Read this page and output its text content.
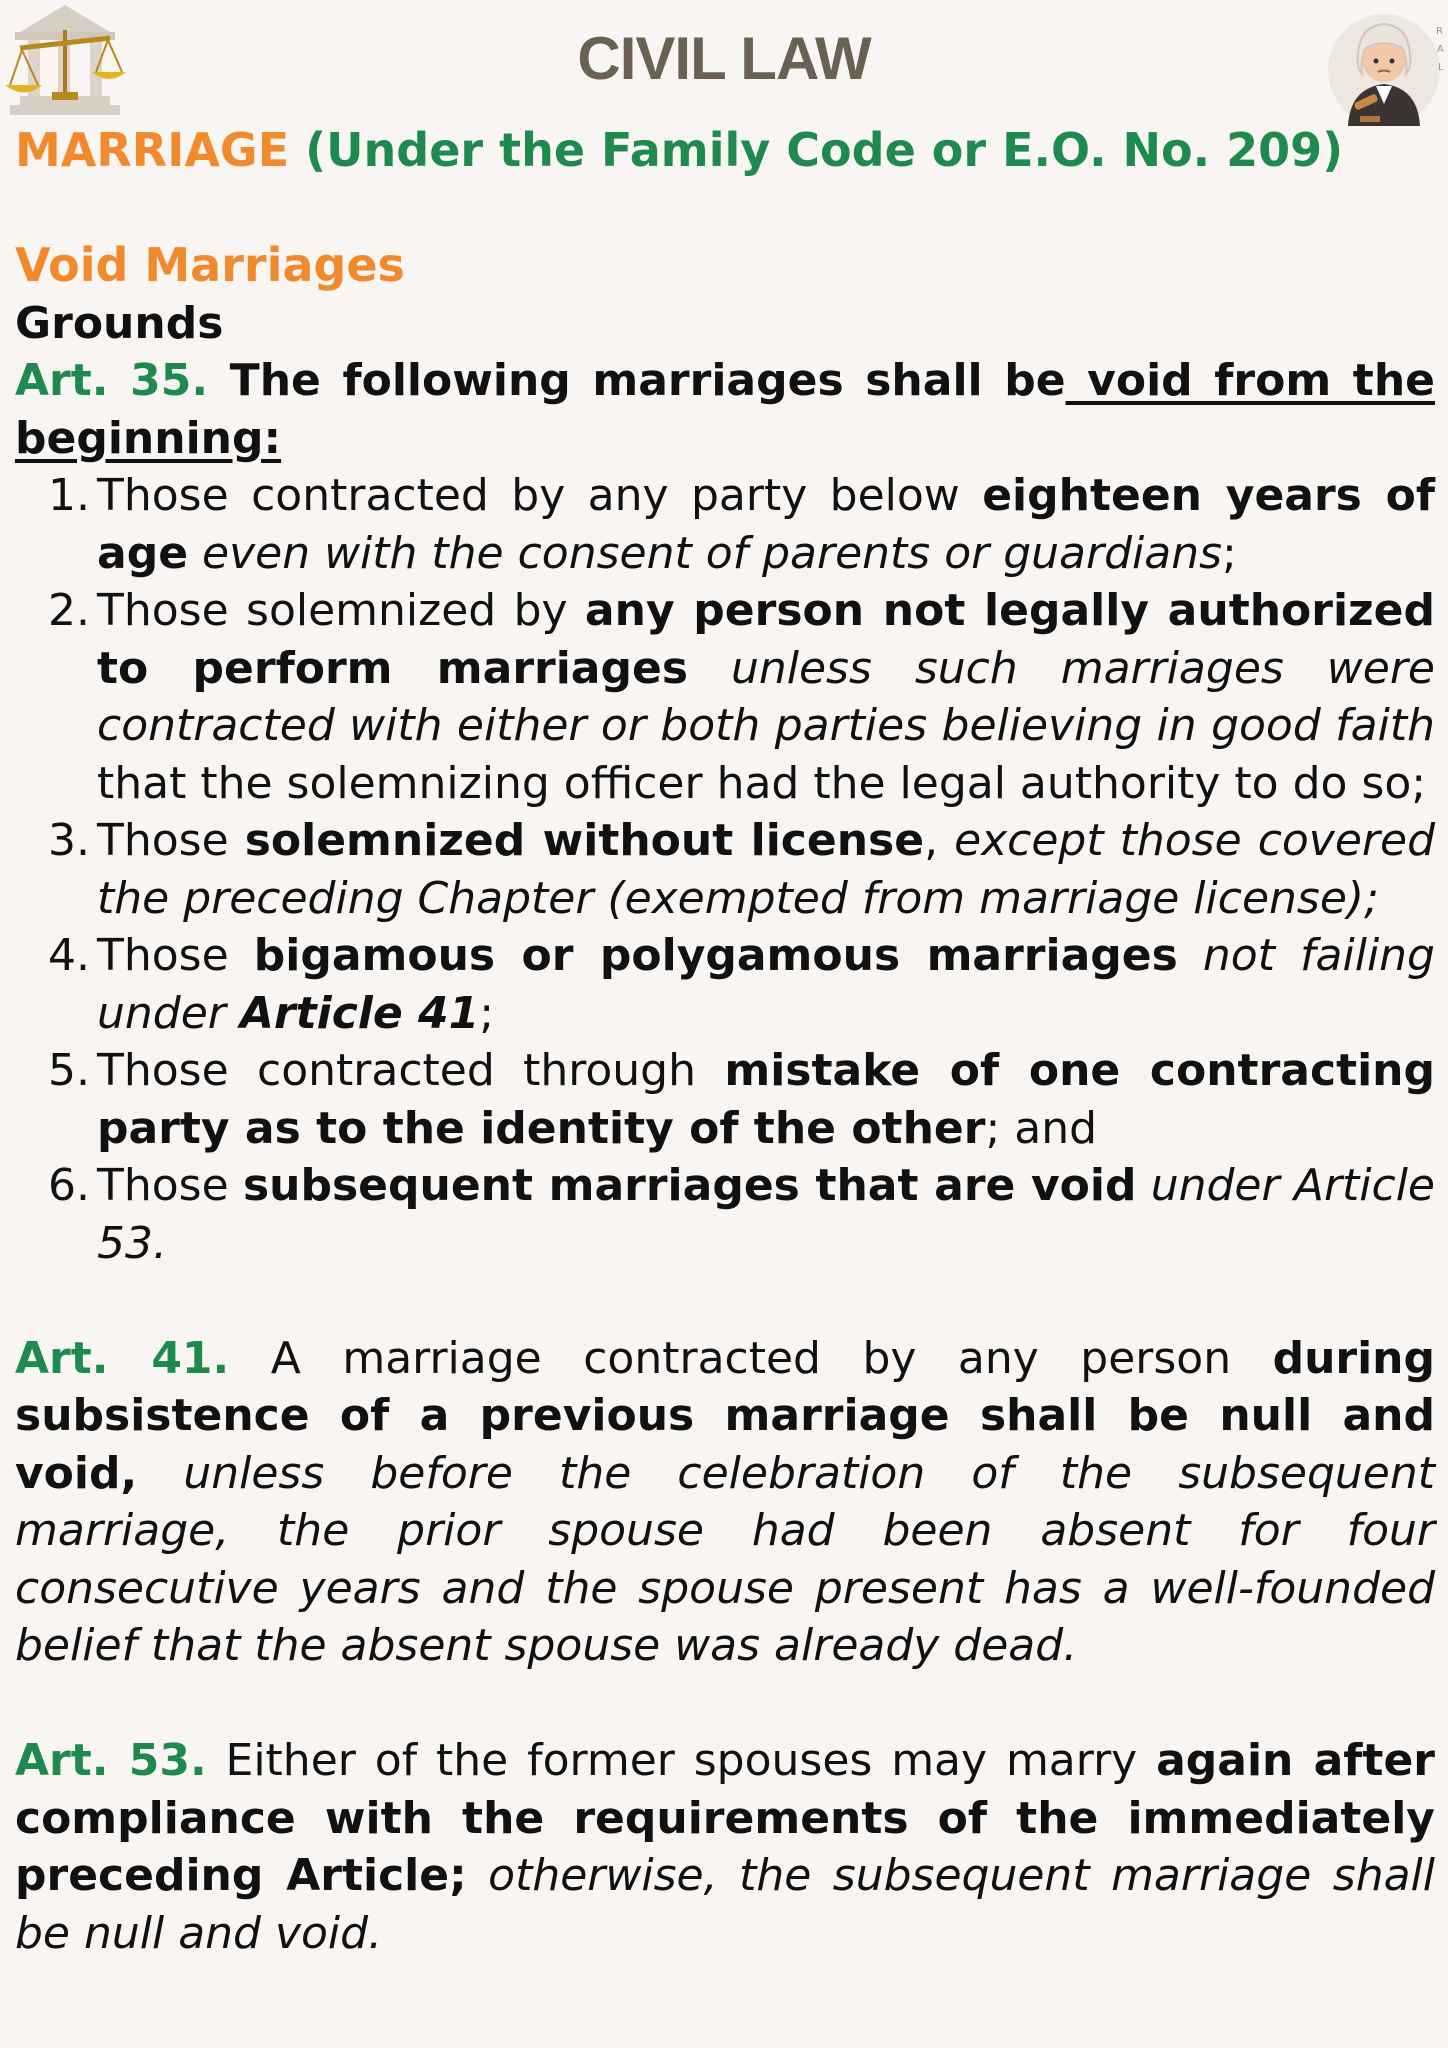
CIVIL LAW	R
A
L

MARRIAGE (Under the Family Code or E.O. No. 209)

Void Marriages

Grounds

Art. 35. The following marriages shall be void from the beginning:

1. Those contracted by any party below eighteen years of age even with the consent of parents or guardians;
2. Those solemnized by any person not legally authorized to perform marriages unless such marriages were contracted with either or both parties believing in good faith that the solemnizing officer had the legal authority to do so;
3. Those solemnized without license, except those covered the preceding Chapter (exempted from marriage license);
4. Those bigamous or polygamous marriages not failing under Article 41;
5. Those contracted through mistake of one contracting party as to the identity of the other; and
6. Those subsequent marriages that are void under Article 53.

Art. 41. A marriage contracted by any person during subsistence of a previous marriage shall be null and void, unless before the celebration of the subsequent marriage, the prior spouse had been absent for four consecutive years and the spouse present has a well-founded belief that the absent spouse was already dead.

Art. 53. Either of the former spouses may marry again after compliance with the requirements of the immediately preceding Article; otherwise, the subsequent marriage shall be null and void.
